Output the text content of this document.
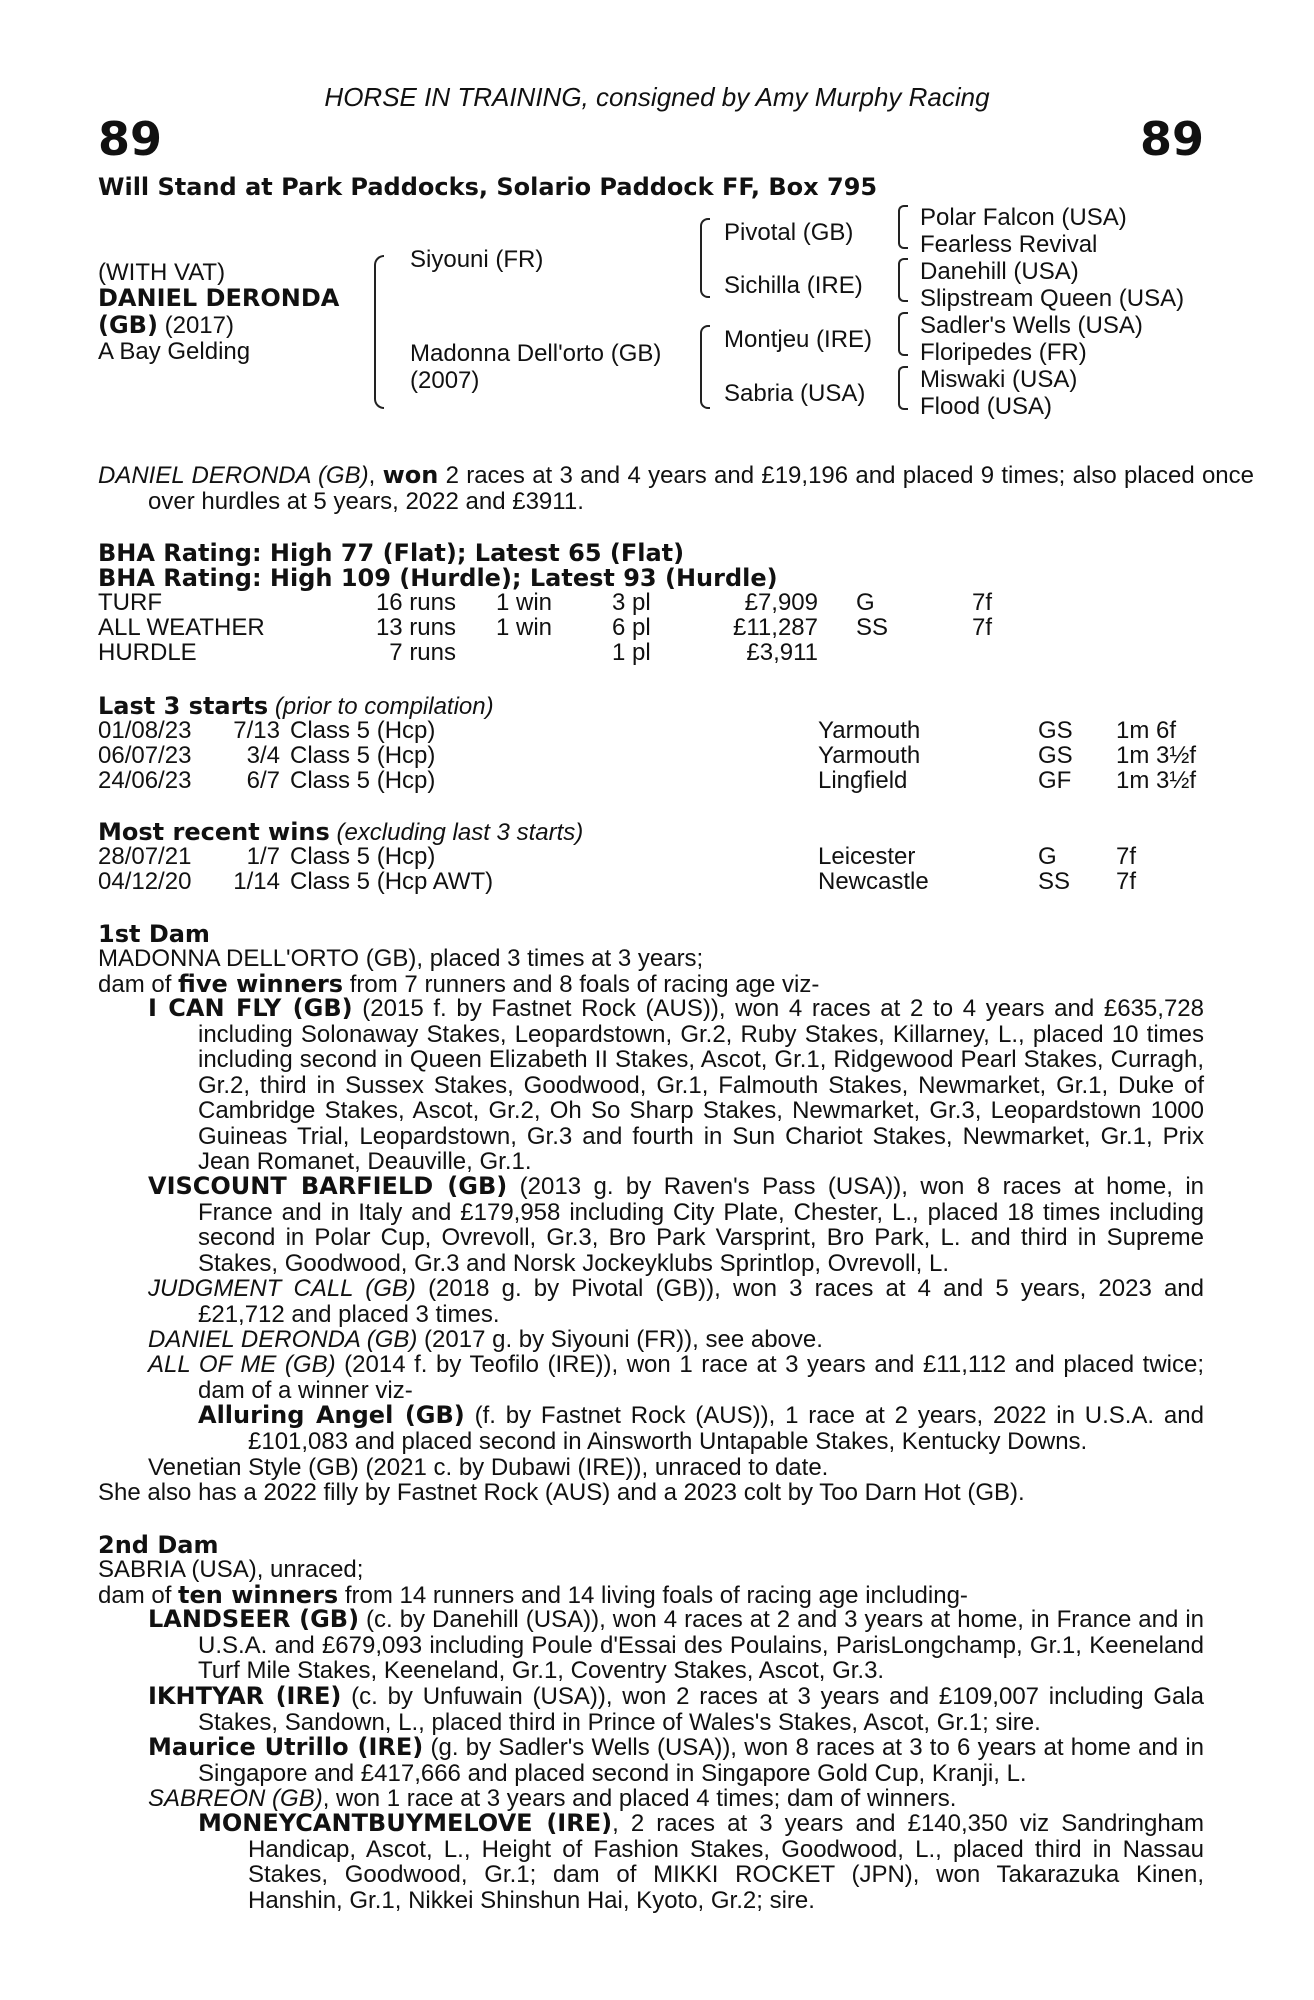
HORSE IN TRAINING, consigned by Amy Murphy Racing
89	89
Will Stand at Park Paddocks, Solario Paddock FF, Box 795
(WITH VAT)
DANIEL DERONDA
(GB) (2017)
A Bay Gelding
Siyouni (FR)
Madonna Dell'orto (GB)
(2007)
Pivotal (GB)
Sichilla (IRE)
Montjeu (IRE)
Sabria (USA)
Polar Falcon (USA)
Fearless Revival
Danehill (USA)
Slipstream Queen (USA)
Sadler's Wells (USA)
Floripedes (FR)
Miswaki (USA)
Flood (USA)
DANIEL DERONDA (GB), won 2 races at 3 and 4 years and £19,196 and placed 9 times; also placed once over hurdles at 5 years, 2022 and £3911.
BHA Rating: High 77 (Flat); Latest 65 (Flat)
BHA Rating: High 109 (Hurdle); Latest 93 (Hurdle)
TURF	16 runs 1 win 3 pl	£7,909 G	7f
ALL WEATHER	13 runs 1 win 6 pl	£11,287 SS	7f
HURDLE	7 runs	1 pl	£3,911
Last 3 starts (prior to compilation)
01/08/23	7/13 Class 5 (Hcp)	Yarmouth	GS 1m 6f
06/07/23	3/4 Class 5 (Hcp)	Yarmouth	GS 1m 3½f
24/06/23	6/7 Class 5 (Hcp)	Lingfield	GF 1m 3½f
Most recent wins (excluding last 3 starts)
28/07/21	1/7 Class 5 (Hcp)	Leicester	G 7f
04/12/20	1/14 Class 5 (Hcp AWT)	Newcastle	SS 7f
1st Dam
MADONNA DELL'ORTO (GB), placed 3 times at 3 years;
dam of five winners from 7 runners and 8 foals of racing age viz-
I CAN FLY (GB) (2015 f. by Fastnet Rock (AUS)), won 4 races at 2 to 4 years and £635,728 including Solonaway Stakes, Leopardstown, Gr.2, Ruby Stakes, Killarney, L., placed 10 times including second in Queen Elizabeth II Stakes, Ascot, Gr.1, Ridgewood Pearl Stakes, Curragh, Gr.2, third in Sussex Stakes, Goodwood, Gr.1, Falmouth Stakes, Newmarket, Gr.1, Duke of Cambridge Stakes, Ascot, Gr.2, Oh So Sharp Stakes, Newmarket, Gr.3, Leopardstown 1000 Guineas Trial, Leopardstown, Gr.3 and fourth in Sun Chariot Stakes, Newmarket, Gr.1, Prix Jean Romanet, Deauville, Gr.1.
VISCOUNT BARFIELD (GB) (2013 g. by Raven's Pass (USA)), won 8 races at home, in France and in Italy and £179,958 including City Plate, Chester, L., placed 18 times including second in Polar Cup, Ovrevoll, Gr.3, Bro Park Varsprint, Bro Park, L. and third in Supreme Stakes, Goodwood, Gr.3 and Norsk Jockeyklubs Sprintlop, Ovrevoll, L.
JUDGMENT CALL (GB) (2018 g. by Pivotal (GB)), won 3 races at 4 and 5 years, 2023 and £21,712 and placed 3 times.
DANIEL DERONDA (GB) (2017 g. by Siyouni (FR)), see above.
ALL OF ME (GB) (2014 f. by Teofilo (IRE)), won 1 race at 3 years and £11,112 and placed twice; dam of a winner viz-
Alluring Angel (GB) (f. by Fastnet Rock (AUS)), 1 race at 2 years, 2022 in U.S.A. and £101,083 and placed second in Ainsworth Untapable Stakes, Kentucky Downs.
Venetian Style (GB) (2021 c. by Dubawi (IRE)), unraced to date.
She also has a 2022 filly by Fastnet Rock (AUS) and a 2023 colt by Too Darn Hot (GB).
2nd Dam
SABRIA (USA), unraced;
dam of ten winners from 14 runners and 14 living foals of racing age including-
LANDSEER (GB) (c. by Danehill (USA)), won 4 races at 2 and 3 years at home, in France and in U.S.A. and £679,093 including Poule d'Essai des Poulains, ParisLongchamp, Gr.1, Keeneland Turf Mile Stakes, Keeneland, Gr.1, Coventry Stakes, Ascot, Gr.3.
IKHTYAR (IRE) (c. by Unfuwain (USA)), won 2 races at 3 years and £109,007 including Gala Stakes, Sandown, L., placed third in Prince of Wales's Stakes, Ascot, Gr.1; sire.
Maurice Utrillo (IRE) (g. by Sadler's Wells (USA)), won 8 races at 3 to 6 years at home and in Singapore and £417,666 and placed second in Singapore Gold Cup, Kranji, L.
SABREON (GB), won 1 race at 3 years and placed 4 times; dam of winners.
MONEYCANTBUYMELOVE (IRE), 2 races at 3 years and £140,350 viz Sandringham Handicap, Ascot, L., Height of Fashion Stakes, Goodwood, L., placed third in Nassau Stakes, Goodwood, Gr.1; dam of MIKKI ROCKET (JPN), won Takarazuka Kinen, Hanshin, Gr.1, Nikkei Shinshun Hai, Kyoto, Gr.2; sire.
